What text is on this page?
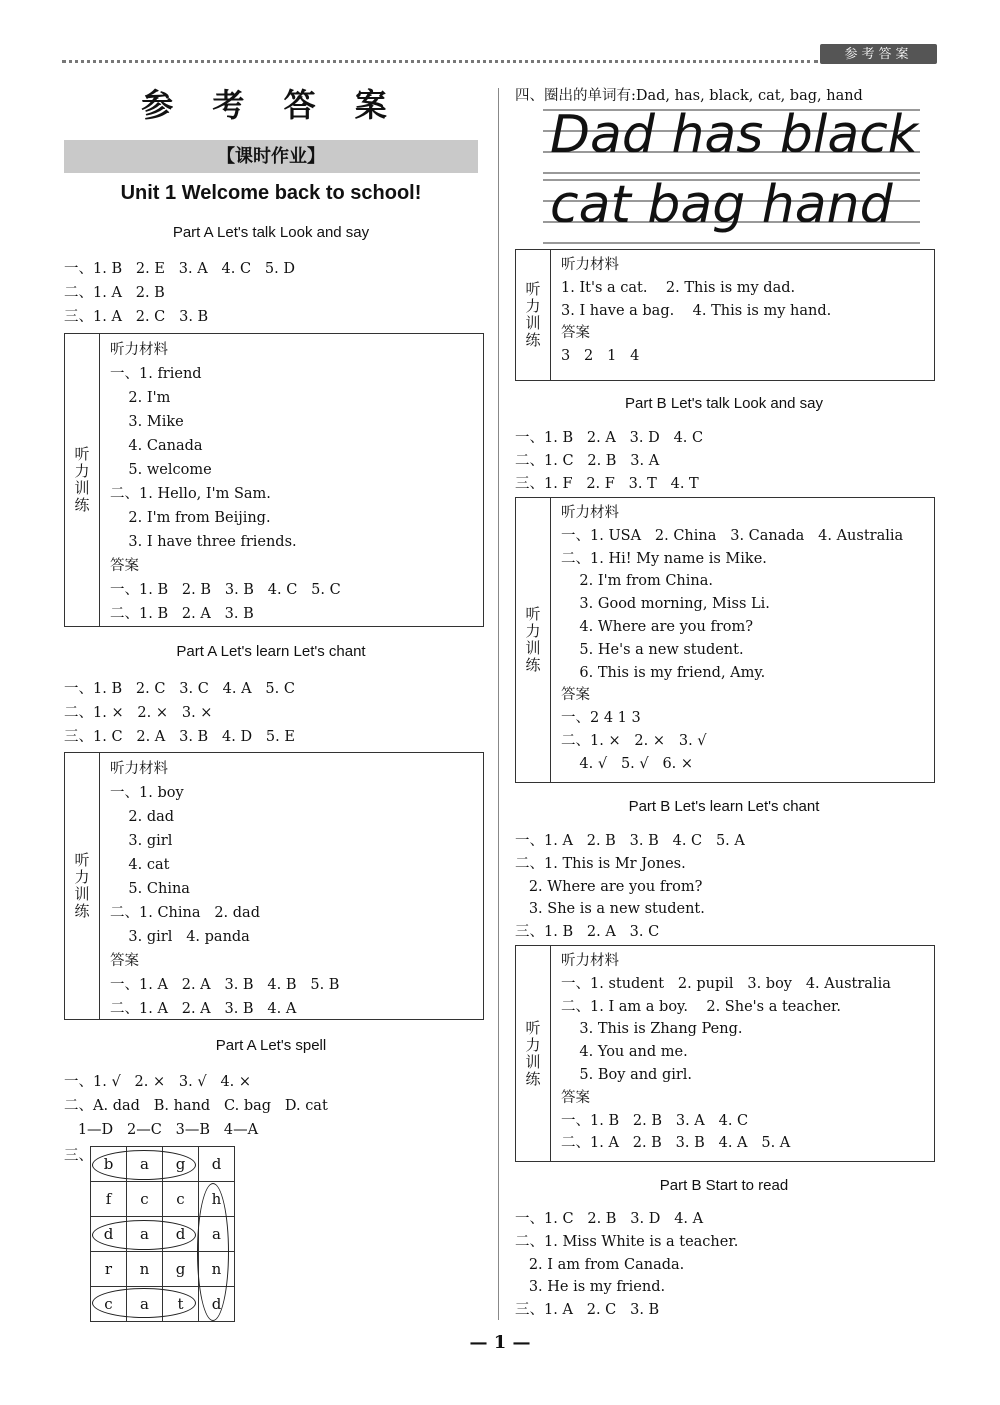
参考答案
参 考 答 案
【课时作业】
Unit 1 Welcome back to school!
Part A Let's talk Look and say
一、1. B   2. E   3. A   4. C   5. D
二、1. A   2. B
三、1. A   2. C   3. B
听力训练
听力材料
一、1. friend
2. I'm
3. Mike
4. Canada
5. welcome
二、1. Hello, I'm Sam.
2. I'm from Beijing.
3. I have three friends.
答案
一、1. B   2. B   3. B   4. C   5. C
二、1. B   2. A   3. B
Part A Let's learn Let's chant
一、1. B   2. C   3. C   4. A   5. C
二、1. ×   2. ×   3. ×
三、1. C   2. A   3. B   4. D   5. E
听力训练
听力材料
一、1. boy
2. dad
3. girl
4. cat
5. China
二、1. China   2. dad
3. girl   4. panda
答案
一、1. A   2. A   3. B   4. B   5. B
二、1. A   2. A   3. B   4. A
Part A Let's spell
一、1. √   2. ×   3. √   4. ×
二、A. dad   B. hand   C. bag   D. cat
1—D   2—C   3—B   4—A
三、 b	a	g	d
f	c	c	h
d	a	d	a
r	n	g	n
c	a	t	d
四、圈出的单词有:Dad, has, black, cat, bag, hand
Dad has black
cat bag hand
听力训练
听力材料
1. It's a cat.    2. This is my dad.
3. I have a bag.    4. This is my hand.
答案
3   2   1   4
Part B Let's talk Look and say
一、1. B   2. A   3. D   4. C
二、1. C   2. B   3. A
三、1. F   2. F   3. T   4. T
听力训练
听力材料
一、1. USA   2. China   3. Canada   4. Australia
二、1. Hi! My name is Mike.
2. I'm from China.
3. Good morning, Miss Li.
4. Where are you from?
5. He's a new student.
6. This is my friend, Amy.
答案
一、2 4 1 3
二、1. ×   2. ×   3. √
4. √   5. √   6. ×
Part B Let's learn Let's chant
一、1. A   2. B   3. B   4. C   5. A
二、1. This is Mr Jones.
2. Where are you from?
3. She is a new student.
三、1. B   2. A   3. C
听力训练
听力材料
一、1. student   2. pupil   3. boy   4. Australia
二、1. I am a boy.    2. She's a teacher.
3. This is Zhang Peng.
4. You and me.
5. Boy and girl.
答案
一、1. B   2. B   3. A   4. C
二、1. A   2. B   3. B   4. A   5. A
Part B Start to read
一、1. C   2. B   3. D   4. A
二、1. Miss White is a teacher.
2. I am from Canada.
3. He is my friend.
三、1. A   2. C   3. B
— 1 —
